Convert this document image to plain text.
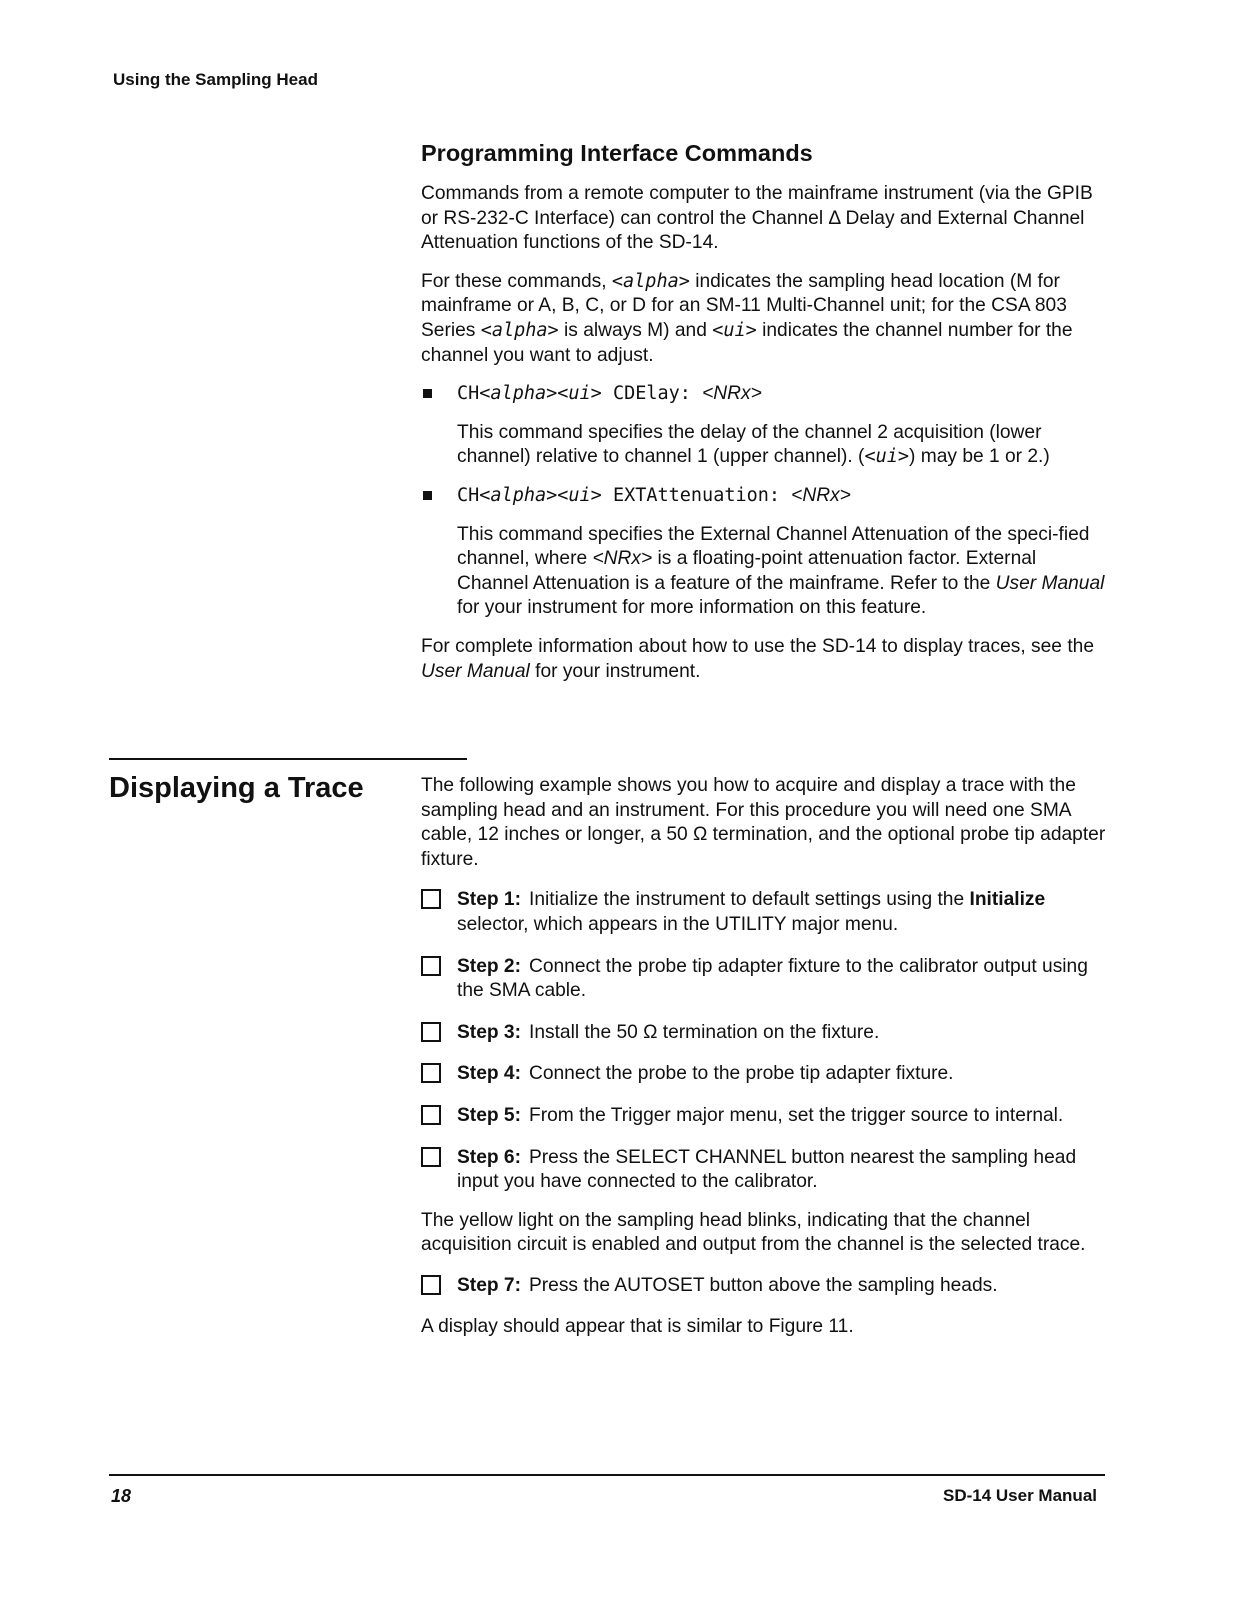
Using the Sampling Head
Programming Interface Commands

Commands from a remote computer to the mainframe instrument (via the GPIB or RS-232-C Interface) can control the Channel Δ Delay and External Channel Attenuation functions of the SD-14.

For these commands, <alpha> indicates the sampling head location (M for mainframe or A, B, C, or D for an SM-11 Multi-Channel unit; for the CSA 803 Series <alpha> is always M) and <ui> indicates the channel number for the channel you want to adjust.

CH<alpha><ui> CDElay: <NRx>

This command specifies the delay of the channel 2 acquisition (lower channel) relative to channel 1 (upper channel). (<ui>) may be 1 or 2.)

CH<alpha><ui> EXTAttenuation: <NRx>

This command specifies the External Channel Attenuation of the speci-fied channel, where <NRx> is a floating-point attenuation factor. External Channel Attenuation is a feature of the mainframe. Refer to the User Manual for your instrument for more information on this feature.

For complete information about how to use the SD-14 to display traces, see the User Manual for your instrument.

Displaying a Trace	The following example shows you how to acquire and display a trace with the sampling head and an instrument. For this procedure you will need one SMA cable, 12 inches or longer, a 50 Ω termination, and the optional probe tip adapter fixture.

Step 1: Initialize the instrument to default settings using the Initialize selector, which appears in the UTILITY major menu.
Step 2: Connect the probe tip adapter fixture to the calibrator output using the SMA cable.
Step 3: Install the 50 Ω termination on the fixture.
Step 4: Connect the probe to the probe tip adapter fixture.
Step 5: From the Trigger major menu, set the trigger source to internal.
Step 6: Press the SELECT CHANNEL button nearest the sampling head input you have connected to the calibrator.

The yellow light on the sampling head blinks, indicating that the channel acquisition circuit is enabled and output from the channel is the selected trace.

Step 7: Press the AUTOSET button above the sampling heads.

A display should appear that is similar to Figure 11.

18	SD-14 User Manual
